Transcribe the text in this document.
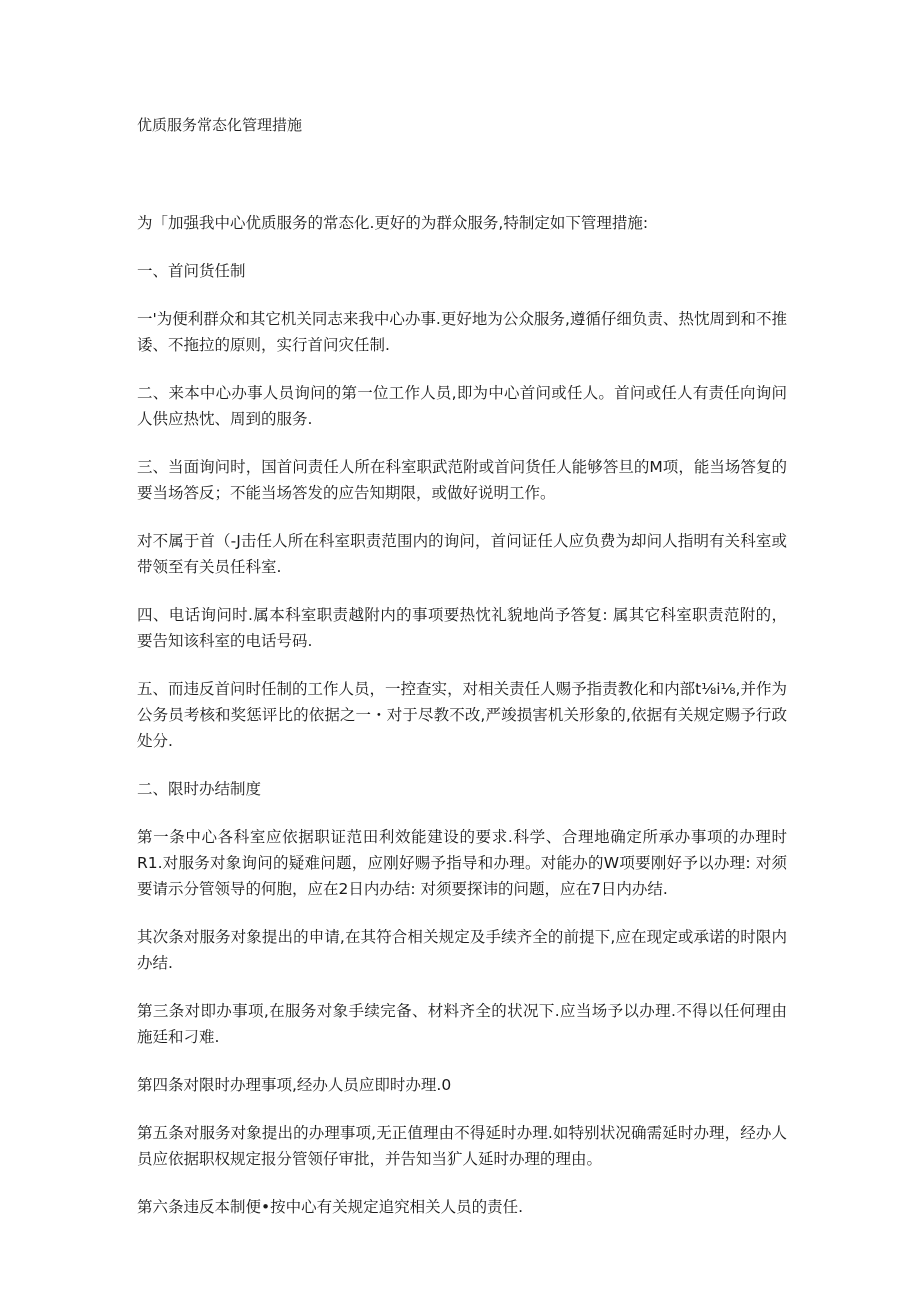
优质服务常态化管理措施

为「加强我中心优质服务的常态化.更好的为群众服务,特制定如下管理措施:

一、首问货任制

一'为便利群众和其它机关同志来我中心办事.更好地为公众服务,遵循仔细负责、热忱周到和不推诿、不拖拉的原则，实行首问灾任制.

二、来本中心办事人员询问的第一位工作人员,即为中心首问或任人。首问或任人有责任向询问人供应热忱、周到的服务.

三、当面询问时，国首问责任人所在科室职武范附或首问货任人能够答旦的M项，能当场答复的要当场答反；不能当场答发的应告知期限，或做好说明工作。

对不属于首（-J击任人所在科室职责范围内的询问，首问证任人应负费为却问人指明有关科室或带领至有关员任科室.

四、电话询问时.属本科室职责越附内的事项要热忱礼貌地尚予答复: 属其它科室职责范附的，要告知该科室的电话号码.

五、而违反首问时任制的工作人员，一控查实，对相关责任人赐予指责教化和内部t⅛i⅛,并作为公务员考核和奖惩评比的依据之一・对于尽教不改,严竣损害机关形象的,依据有关规定赐予行政处分.

二、限时办结制度

第一条中心各科室应依据职证范田利效能建设的要求.科学、合理地确定所承办事项的办理时R1.对服务对象询问的疑难问题，应刚好赐予指导和办理。对能办的W项要刚好予以办理: 对须要请示分管领导的何胞，应在2日内办结: 对须要探讳的问题，应在7日内办结.

其次条对服务对象提出的申请,在其符合相关规定及手续齐全的前提下,应在现定或承诺的时限内办结.

第三条对即办事项,在服务对象手续完备、材料齐全的状况下.应当场予以办理.不得以任何理由施廷和刁难.

第四条对限时办理事项,经办人员应即时办理.0

第五条对服务对象提出的办理事项,无正值理由不得延时办理.如特别状况确需延时办理，经办人员应依据职权规定报分管领仔审批，并告知当犷人延时办理的理由。

第六条违反本制便•按中心有关规定追究相关人员的责任.
